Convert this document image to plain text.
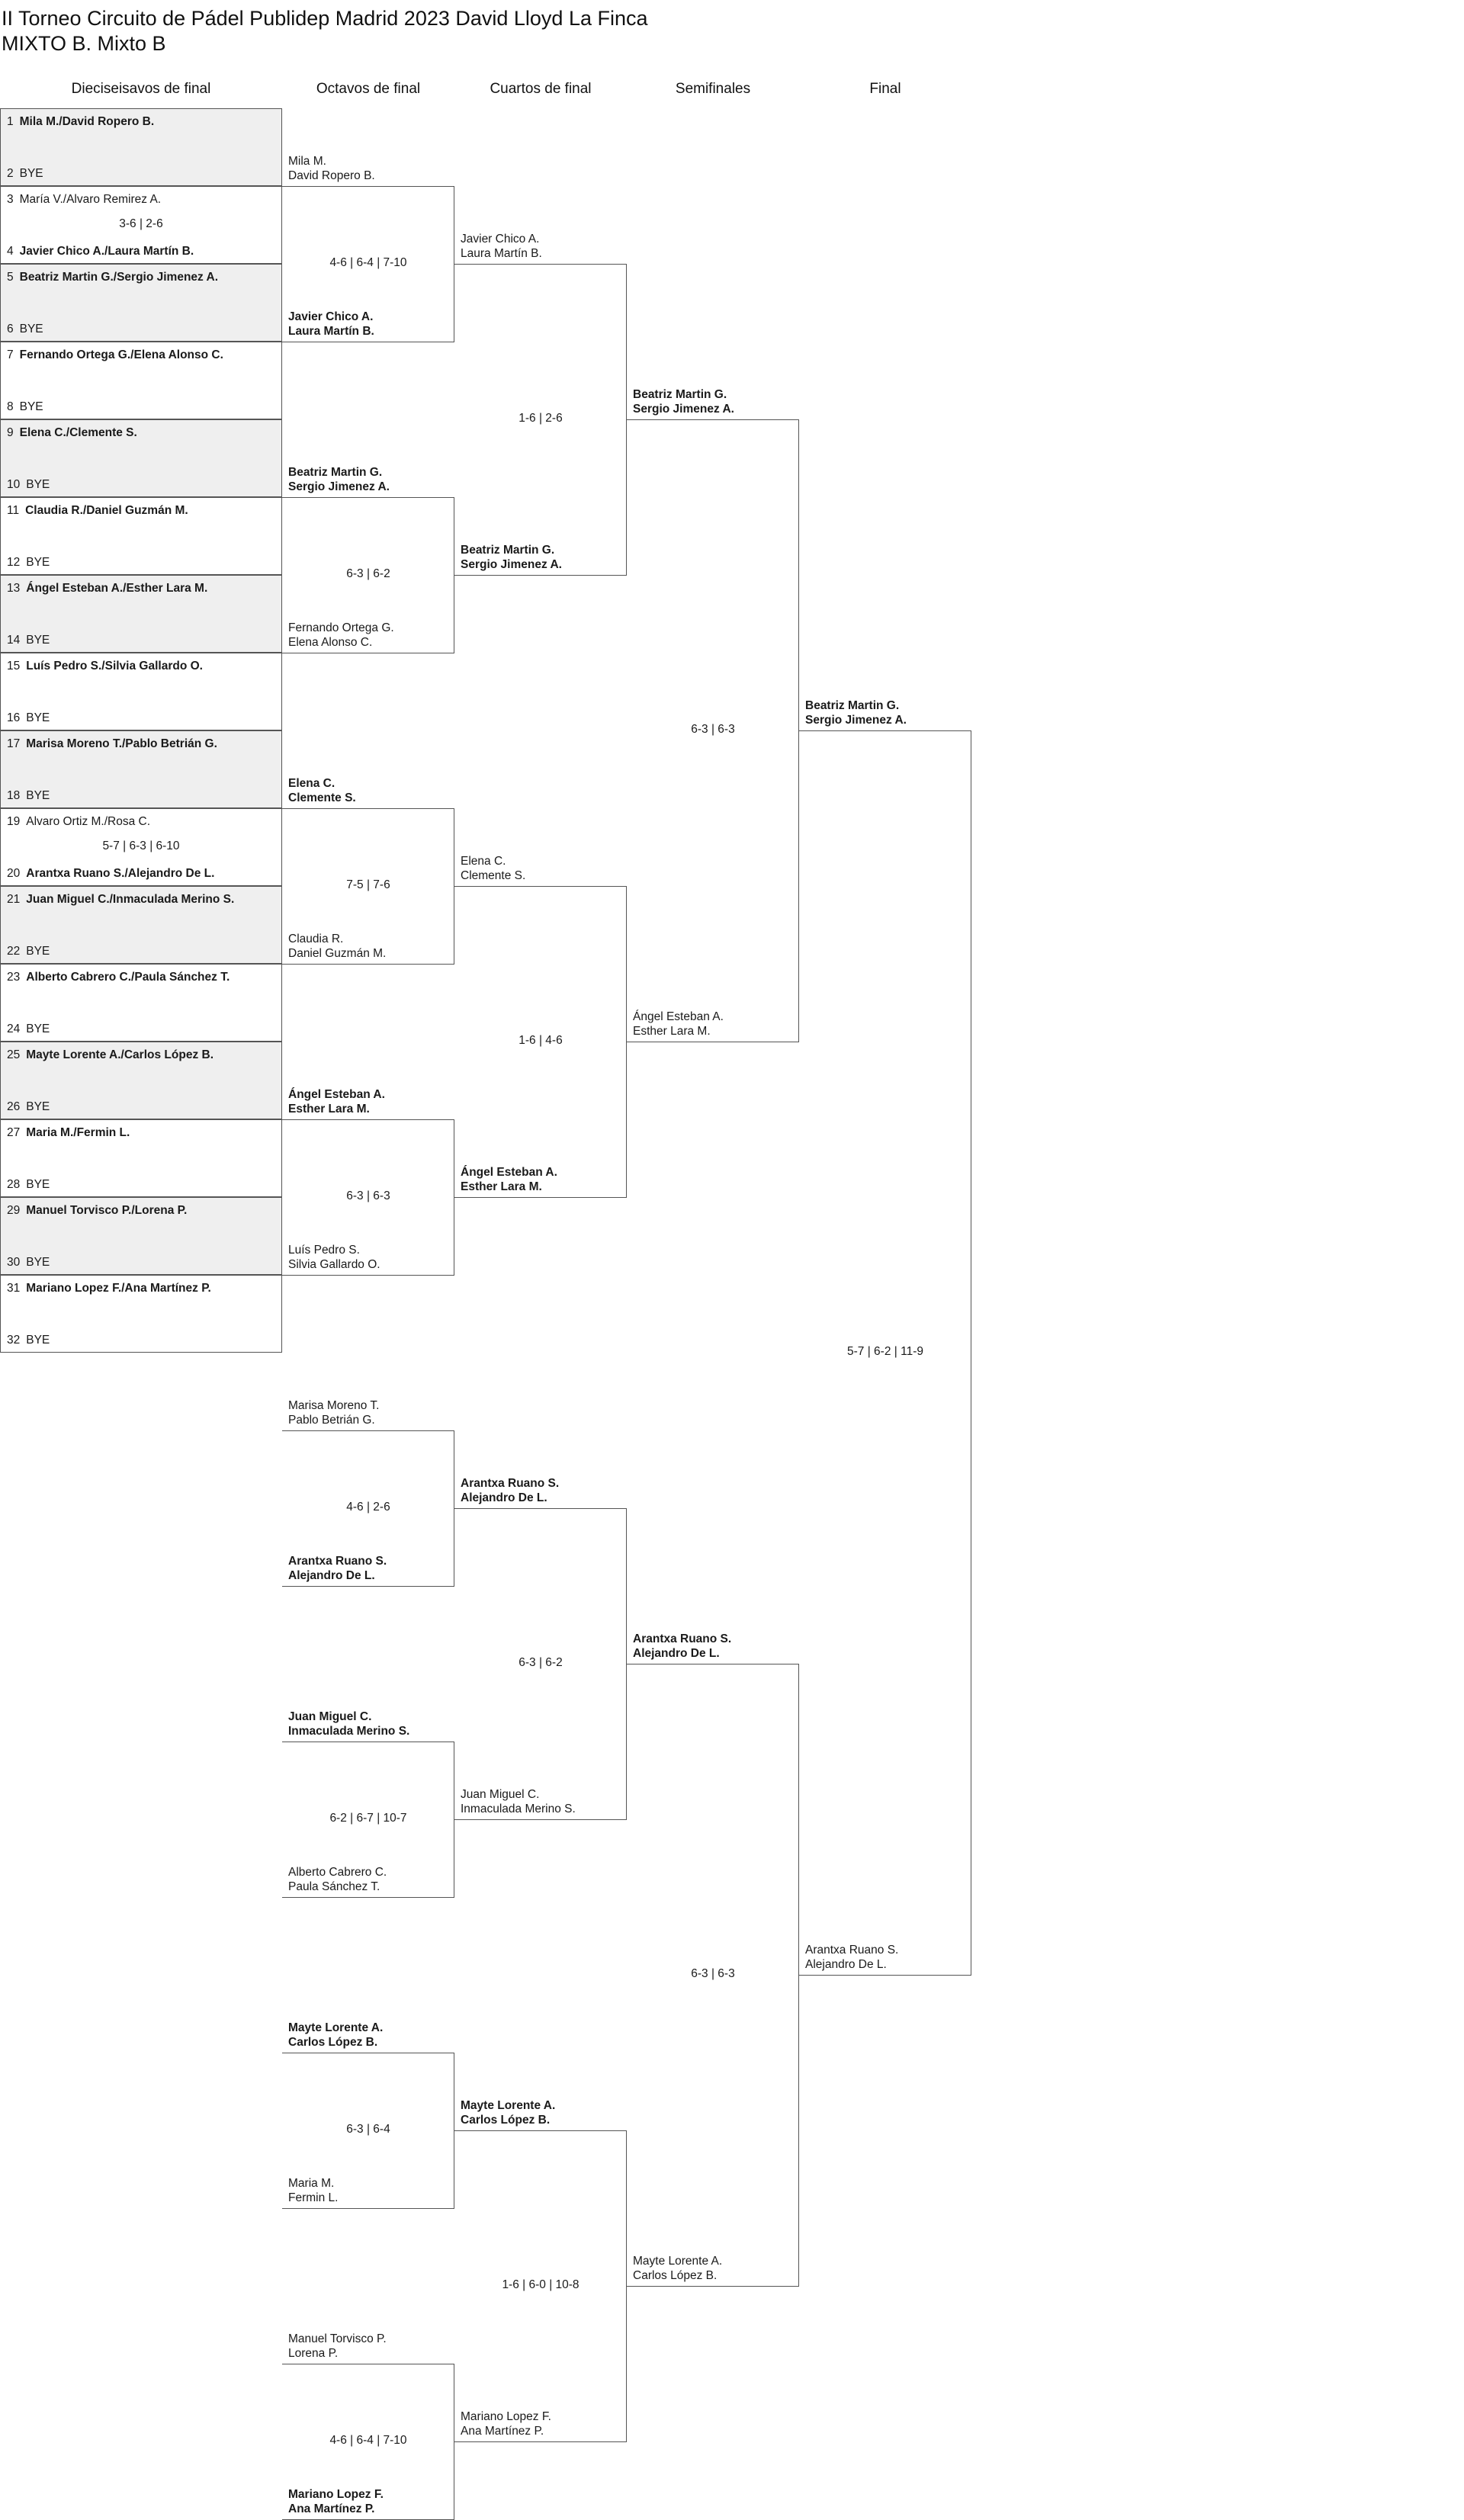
II Torneo Circuito de Pádel Publidep Madrid 2023 David Lloyd La Finca
MIXTO B. Mixto B
Dieciseisavos de final	Octavos de final	Cuartos de final	Semifinales	Final
1 Mila M./David Ropero B.
2 BYE
3 María V./Alvaro Remirez A.
4 Javier Chico A./Laura Martín B.
3-6 | 2-6
5 Beatriz Martin G./Sergio Jimenez A.
6 BYE
7 Fernando Ortega G./Elena Alonso C.
8 BYE
9 Elena C./Clemente S.
10 BYE
11 Claudia R./Daniel Guzmán M.
12 BYE
13 Ángel Esteban A./Esther Lara M.
14 BYE
15 Luís Pedro S./Silvia Gallardo O.
16 BYE
17 Marisa Moreno T./Pablo Betrián G.
18 BYE
19 Alvaro Ortiz M./Rosa C.
20 Arantxa Ruano S./Alejandro De L.
5-7 | 6-3 | 6-10
21 Juan Miguel C./Inmaculada Merino S.
22 BYE
23 Alberto Cabrero C./Paula Sánchez T.
24 BYE
25 Mayte Lorente A./Carlos López B.
26 BYE
27 Maria M./Fermin L.
28 BYE
29 Manuel Torvisco P./Lorena P.
30 BYE
31 Mariano Lopez F./Ana Martínez P.
32 BYE
Mila M.
David Ropero B.
Javier Chico A.
Laura Martín B.
4-6 | 6-4 | 7-10
Beatriz Martin G.
Sergio Jimenez A.
Fernando Ortega G.
Elena Alonso C.
6-3 | 6-2
Elena C.
Clemente S.
Claudia R.
Daniel Guzmán M.
7-5 | 7-6
Ángel Esteban A.
Esther Lara M.
Luís Pedro S.
Silvia Gallardo O.
6-3 | 6-3
Marisa Moreno T.
Pablo Betrián G.
Arantxa Ruano S.
Alejandro De L.
4-6 | 2-6
Juan Miguel C.
Inmaculada Merino S.
Alberto Cabrero C.
Paula Sánchez T.
6-2 | 6-7 | 10-7
Mayte Lorente A.
Carlos López B.
Maria M.
Fermin L.
6-3 | 6-4
Manuel Torvisco P.
Lorena P.
Mariano Lopez F.
Ana Martínez P.
4-6 | 6-4 | 7-10
Javier Chico A.
Laura Martín B.
Beatriz Martin G.
Sergio Jimenez A.
1-6 | 2-6
Elena C.
Clemente S.
Ángel Esteban A.
Esther Lara M.
1-6 | 4-6
Arantxa Ruano S.
Alejandro De L.
Juan Miguel C.
Inmaculada Merino S.
6-3 | 6-2
Mayte Lorente A.
Carlos López B.
Mariano Lopez F.
Ana Martínez P.
1-6 | 6-0 | 10-8
Beatriz Martin G.
Sergio Jimenez A.
Ángel Esteban A.
Esther Lara M.
6-3 | 6-3
Arantxa Ruano S.
Alejandro De L.
Mayte Lorente A.
Carlos López B.
6-3 | 6-3
Beatriz Martin G.
Sergio Jimenez A.
Arantxa Ruano S.
Alejandro De L.
5-7 | 6-2 | 11-9
